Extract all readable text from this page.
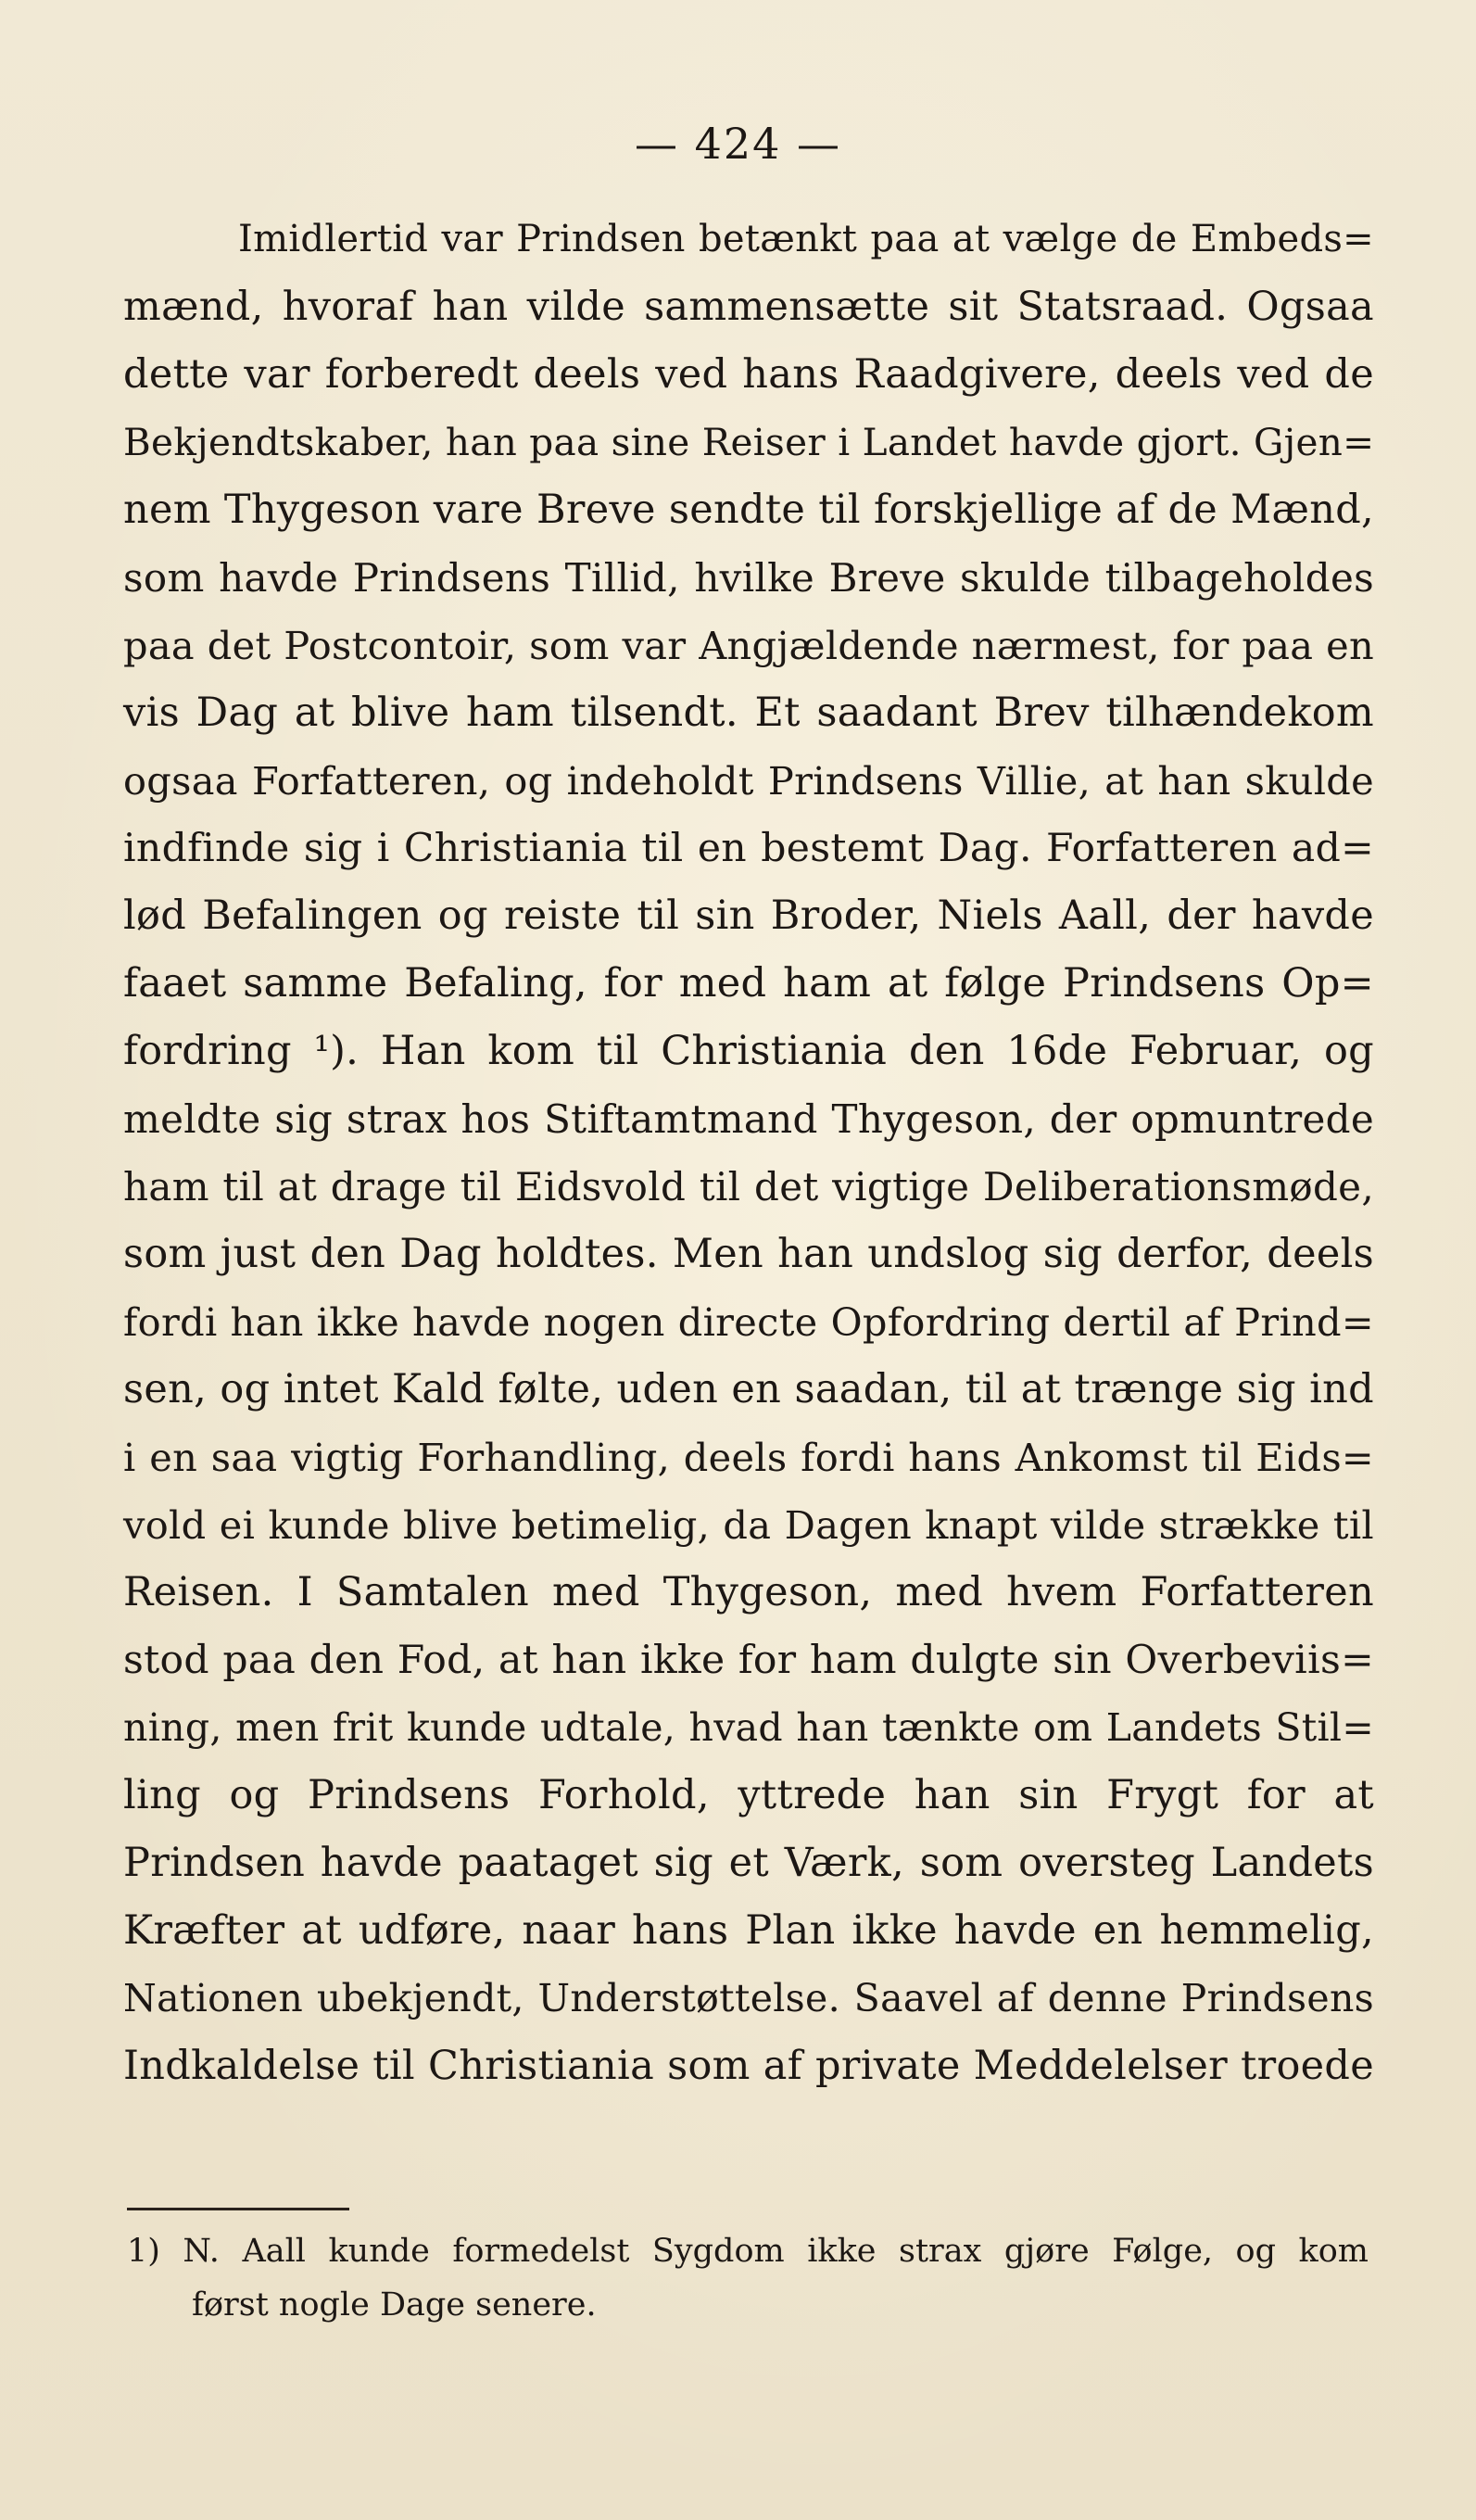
— 424 —
Imidlertid var Prindsen betænkt paa at vælge de Embeds=
mænd, hvoraf han vilde sammensætte sit Statsraad. Ogsaa
dette var forberedt deels ved hans Raadgivere, deels ved de
Bekjendtskaber, han paa sine Reiser i Landet havde gjort. Gjen=
nem Thygeson vare Breve sendte til forskjellige af de Mænd,
som havde Prindsens Tillid, hvilke Breve skulde tilbageholdes
paa det Postcontoir, som var Angjældende nærmest, for paa en
vis Dag at blive ham tilsendt. Et saadant Brev tilhændekom
ogsaa Forfatteren, og indeholdt Prindsens Villie, at han skulde
indfinde sig i Christiania til en bestemt Dag. Forfatteren ad=
lød Befalingen og reiste til sin Broder, Niels Aall, der havde
faaet samme Befaling, for med ham at følge Prindsens Op=
fordring ¹). Han kom til Christiania den 16de Februar, og
meldte sig strax hos Stiftamtmand Thygeson, der opmuntrede
ham til at drage til Eidsvold til det vigtige Deliberationsmøde,
som just den Dag holdtes. Men han undslog sig derfor, deels
fordi han ikke havde nogen directe Opfordring dertil af Prind=
sen, og intet Kald følte, uden en saadan, til at trænge sig ind
i en saa vigtig Forhandling, deels fordi hans Ankomst til Eids=
vold ei kunde blive betimelig, da Dagen knapt vilde strække til
Reisen. I Samtalen med Thygeson, med hvem Forfatteren
stod paa den Fod, at han ikke for ham dulgte sin Overbeviis=
ning, men frit kunde udtale, hvad han tænkte om Landets Stil=
ling og Prindsens Forhold, yttrede han sin Frygt for at
Prindsen havde paataget sig et Værk, som oversteg Landets
Kræfter at udføre, naar hans Plan ikke havde en hemmelig,
Nationen ubekjendt, Understøttelse. Saavel af denne Prindsens
Indkaldelse til Christiania som af private Meddelelser troede
1) N. Aall kunde formedelst Sygdom ikke strax gjøre Følge, og kom
først nogle Dage senere.
